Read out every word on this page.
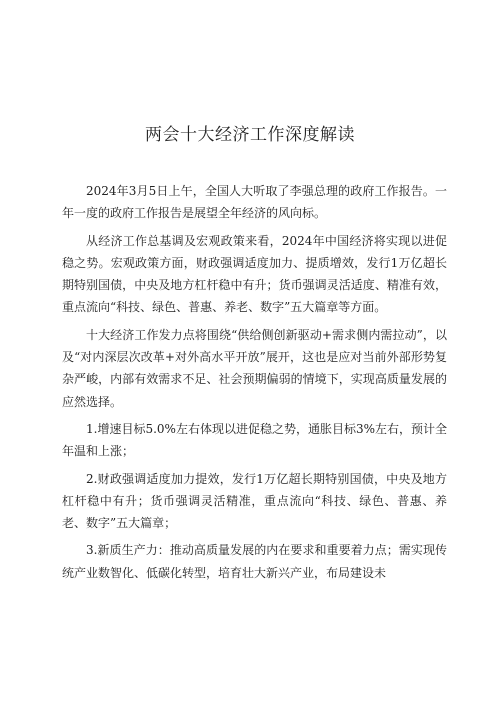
两会十大经济工作深度解读

2024年3月5日上午，全国人大听取了李强总理的政府工作报告。一年一度的政府工作报告是展望全年经济的风向标。

从经济工作总基调及宏观政策来看，2024年中国经济将实现以进促稳之势。宏观政策方面，财政强调适度加力、提质增效，发行1万亿超长期特别国债，中央及地方杠杆稳中有升；货币强调灵活适度、精准有效，重点流向“科技、绿色、普惠、养老、数字”五大篇章等方面。

十大经济工作发力点将围绕“供给侧创新驱动+需求侧内需拉动”，以及“对内深层次改革+对外高水平开放”展开，这也是应对当前外部形势复杂严峻，内部有效需求不足、社会预期偏弱的情境下，实现高质量发展的应然选择。

1.增速目标5.0%左右体现以进促稳之势，通胀目标3%左右，预计全年温和上涨；

2.财政强调适度加力提效，发行1万亿超长期特别国债，中央及地方杠杆稳中有升；货币强调灵活精准，重点流向“科技、绿色、普惠、养老、数字”五大篇章；

3.新质生产力：推动高质量发展的内在要求和重要着力点；需实现传统产业数智化、低碳化转型，培育壮大新兴产业，布局建设未
